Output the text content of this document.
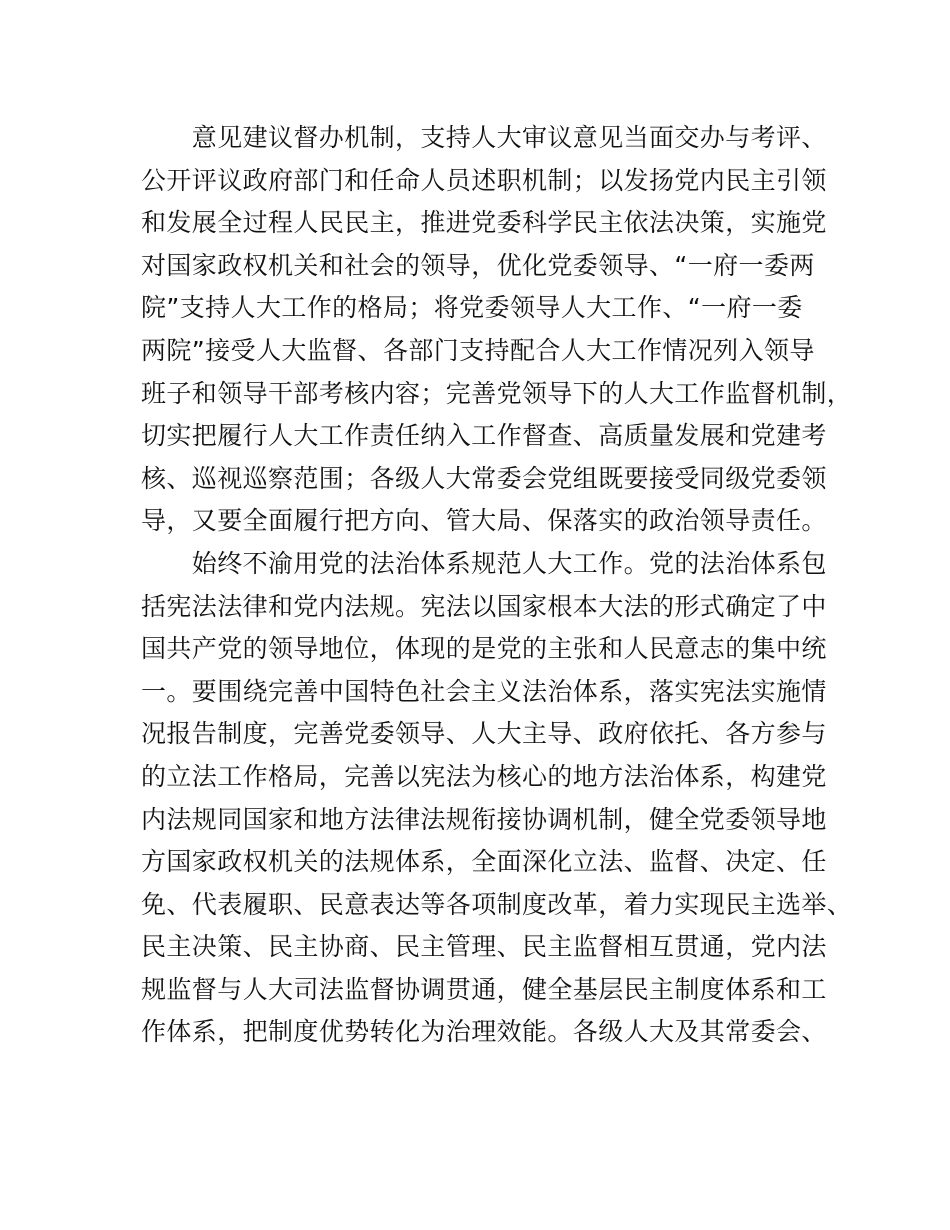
　　意见建议督办机制，支持人大审议意见当面交办与考评、
公开评议政府部门和任命人员述职机制；以发扬党内民主引领
和发展全过程人民民主，推进党委科学民主依法决策，实施党
对国家政权机关和社会的领导，优化党委领导、“一府一委两
院”支持人大工作的格局；将党委领导人大工作、“一府一委
两院”接受人大监督、各部门支持配合人大工作情况列入领导
班子和领导干部考核内容；完善党领导下的人大工作监督机制，
切实把履行人大工作责任纳入工作督查、高质量发展和党建考
核、巡视巡察范围；各级人大常委会党组既要接受同级党委领
导，又要全面履行把方向、管大局、保落实的政治领导责任。
　　始终不渝用党的法治体系规范人大工作。党的法治体系包
括宪法法律和党内法规。宪法以国家根本大法的形式确定了中
国共产党的领导地位，体现的是党的主张和人民意志的集中统
一。要围绕完善中国特色社会主义法治体系，落实宪法实施情
况报告制度，完善党委领导、人大主导、政府依托、各方参与
的立法工作格局，完善以宪法为核心的地方法治体系，构建党
内法规同国家和地方法律法规衔接协调机制，健全党委领导地
方国家政权机关的法规体系，全面深化立法、监督、决定、任
免、代表履职、民意表达等各项制度改革，着力实现民主选举、
民主决策、民主协商、民主管理、民主监督相互贯通，党内法
规监督与人大司法监督协调贯通，健全基层民主制度体系和工
作体系，把制度优势转化为治理效能。各级人大及其常委会、
